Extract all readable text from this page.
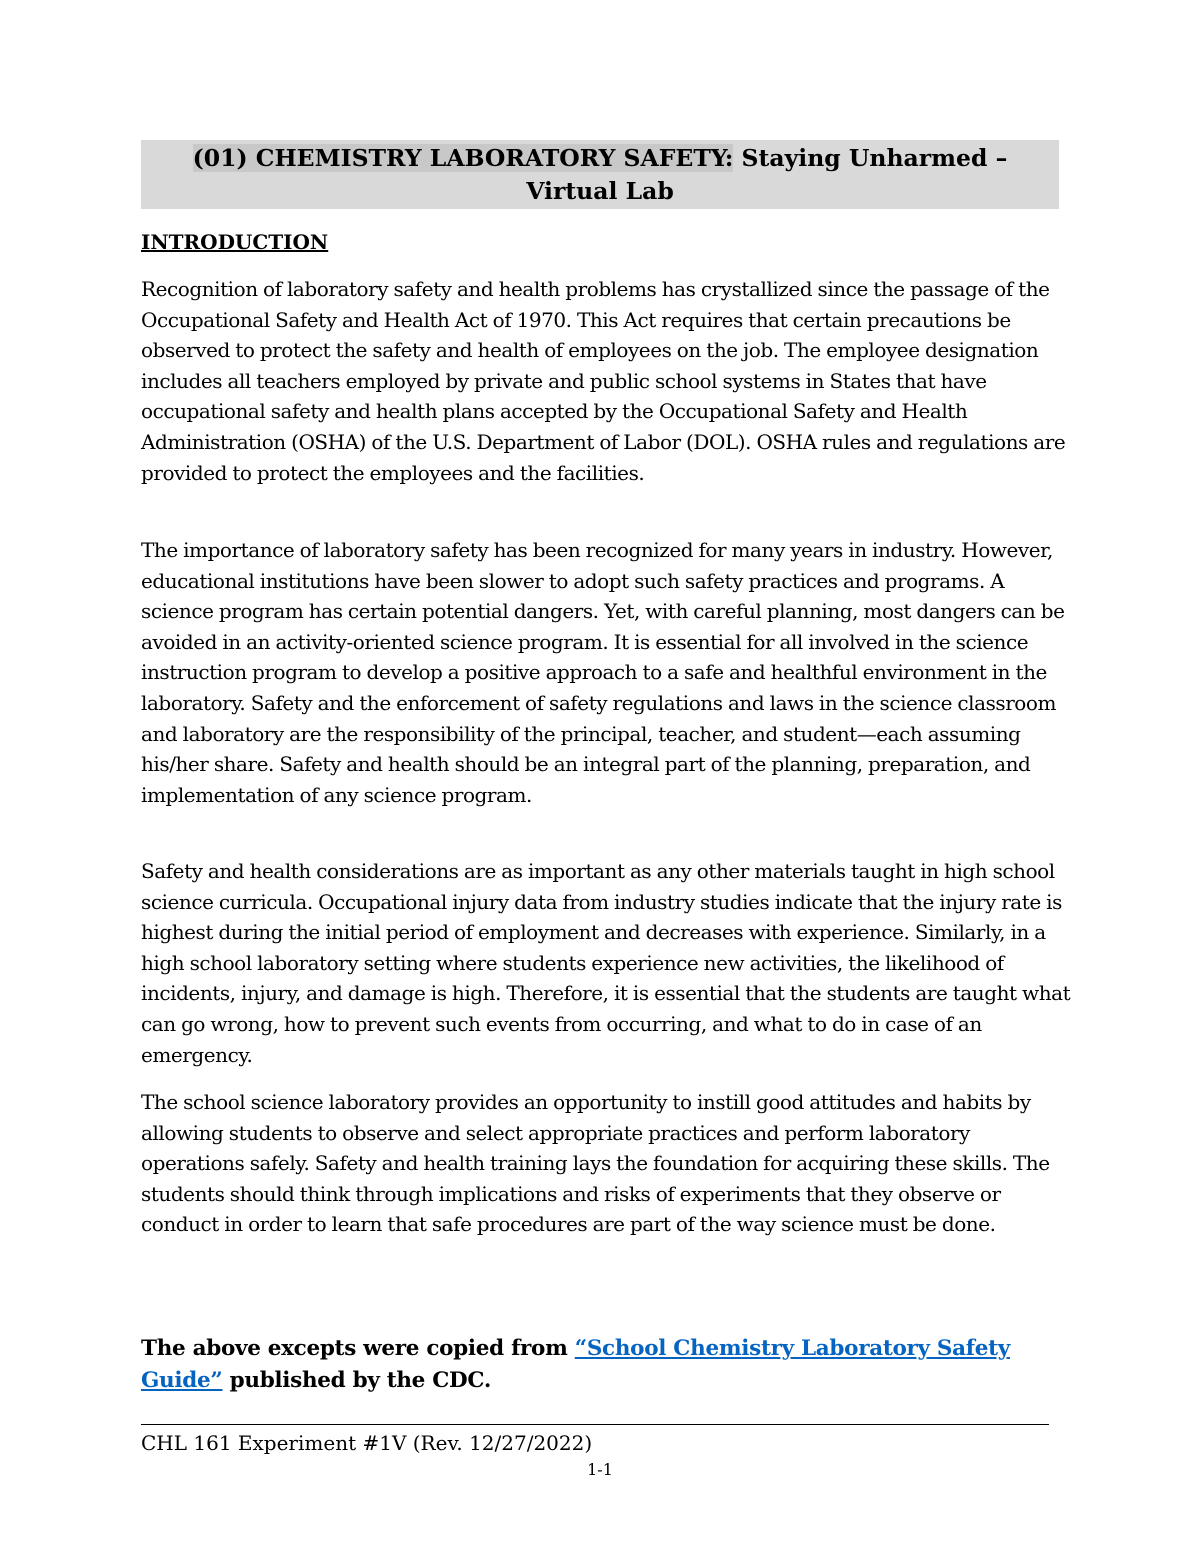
(01) CHEMISTRY LABORATORY SAFETY: Staying Unharmed –
Virtual Lab
INTRODUCTION

Recognition of laboratory safety and health problems has crystallized since the passage of the Occupational Safety and Health Act of 1970. This Act requires that certain precautions be observed to protect the safety and health of employees on the job. The employee designation includes all teachers employed by private and public school systems in States that have occupational safety and health plans accepted by the Occupational Safety and Health Administration (OSHA) of the U.S. Department of Labor (DOL). OSHA rules and regulations are provided to protect the employees and the facilities.

The importance of laboratory safety has been recognized for many years in industry. However, educational institutions have been slower to adopt such safety practices and programs. A science program has certain potential dangers. Yet, with careful planning, most dangers can be avoided in an activity-oriented science program. It is essential for all involved in the science instruction program to develop a positive approach to a safe and healthful environment in the laboratory. Safety and the enforcement of safety regulations and laws in the science classroom and laboratory are the responsibility of the principal, teacher, and student—each assuming his/her share. Safety and health should be an integral part of the planning, preparation, and implementation of any science program.

Safety and health considerations are as important as any other materials taught in high school science curricula. Occupational injury data from industry studies indicate that the injury rate is highest during the initial period of employment and decreases with experience. Similarly, in a high school laboratory setting where students experience new activities, the likelihood of incidents, injury, and damage is high. Therefore, it is essential that the students are taught what can go wrong, how to prevent such events from occurring, and what to do in case of an emergency.

The school science laboratory provides an opportunity to instill good attitudes and habits by allowing students to observe and select appropriate practices and perform laboratory operations safely. Safety and health training lays the foundation for acquiring these skills. The students should think through implications and risks of experiments that they observe or conduct in order to learn that safe procedures are part of the way science must be done.

The above excepts were copied from “School Chemistry Laboratory Safety Guide” published by the CDC.

CHL 161 Experiment #1V (Rev. 12/27/2022)

1-1
